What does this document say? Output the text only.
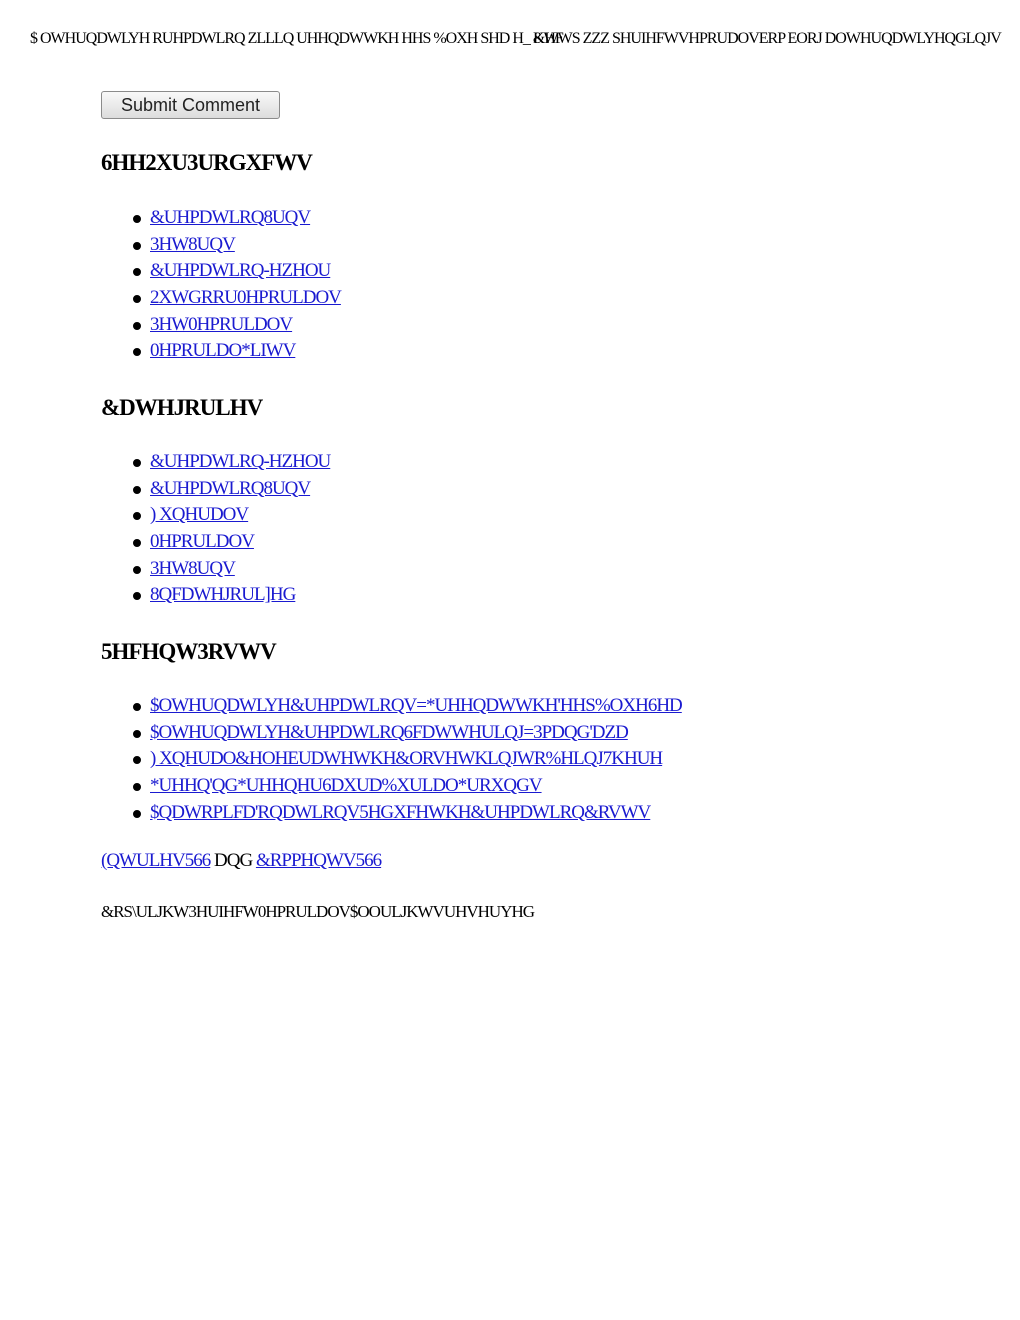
$ OWHUQDWLYH RUHPDWLRQ ZLLLQ UHHQDWWKH HHS %OXH SHD H_ &HF
KWWS ZZZ SHUIHFWVHPRUDOVERP EORJ DOWHUQDWLYHQGLQJV
Submit Comment
6HH2XU3URGXFWV
&UHPDWLRQ8UQV
3HW8UQV
&UHPDWLRQ-HZHOU
2XWGRRU0HPRULDOV
3HW0HPRULDOV
0HPRULDO*LIWV
&DWHJRULHV
&UHPDWLRQ-HZHOU
&UHPDWLRQ8UQV
) XQHUDOV
0HPRULDOV
3HW8UQV
8QFDWHJRUL]HG
5HFHQW3RVWV
$OWHUQDWLYH&UHPDWLRQV=*UHHQDWWKH'HHS%OXH6HD
$OWHUQDWLYH&UHPDWLRQ6FDWWHULQJ=3PDQG'DZD
) XQHUDO&HOHEUDWHWKH&ORVHWKLQJWR%HLQJ7KHUH
*UHHQ'QG*UHHQHU6DXUD%XULDO*URXQGV
$QDWRPLFD'RQDWLRQV5HGXFHWKH&UHPDWLRQ&RVWV
(QWULHV566 DQG &RPPHQWV566
&RS\ULJKW3HUIHFW0HPRULDOV$OOULJKWVUHVHUYHG
